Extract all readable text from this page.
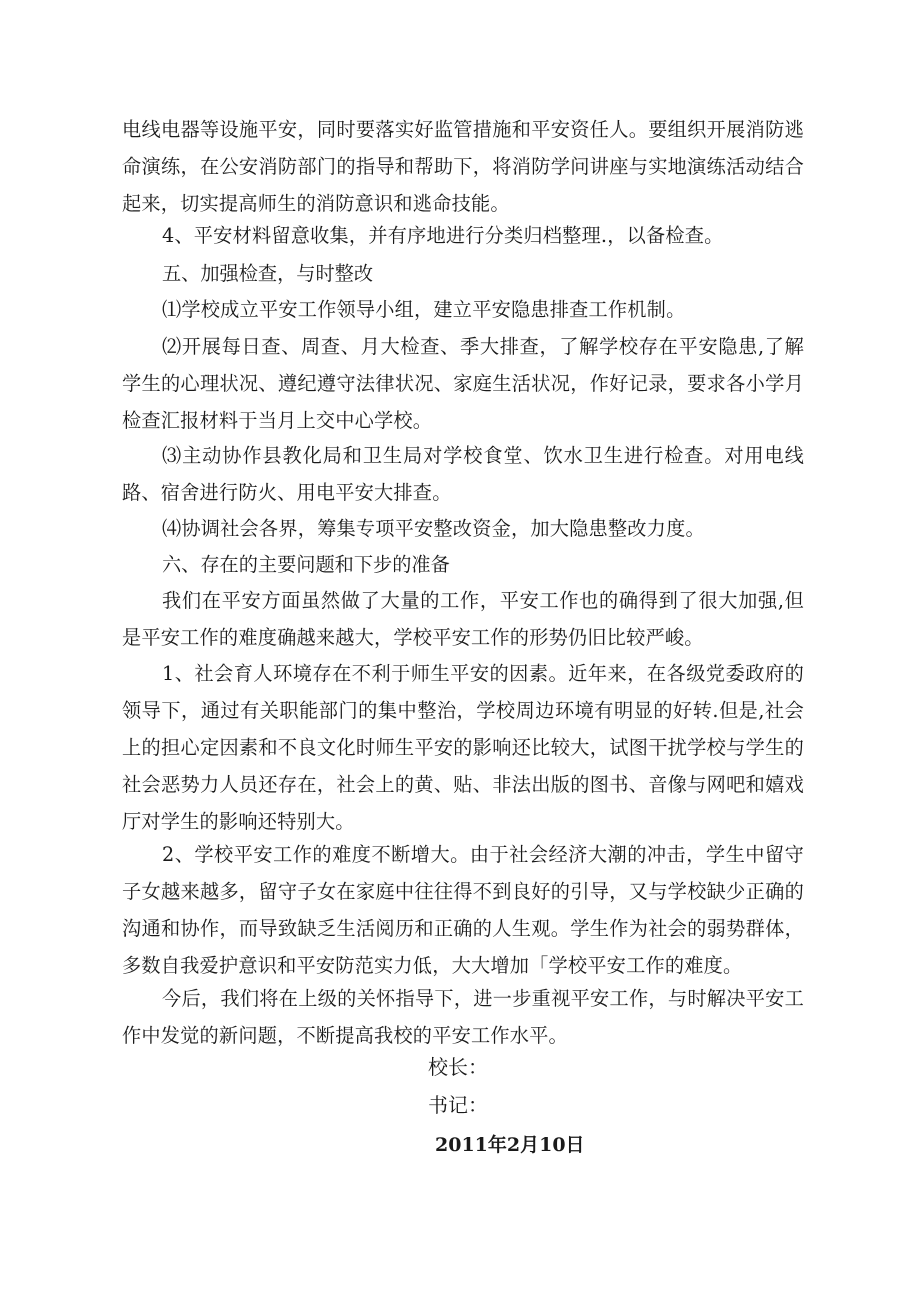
电线电器等设施平安，同时要落实好监管措施和平安资任人。要组织开展消防逃命演练，在公安消防部门的指导和帮助下，将消防学问讲座与实地演练活动结合起来，切实提高师生的消防意识和逃命技能。

4、平安材料留意收集，并有序地进行分类归档整理.，以备检查。

五、加强检查，与时整改

⑴学校成立平安工作领导小组，建立平安隐患排查工作机制。

⑵开展每日查、周查、月大检查、季大排查，了解学校存在平安隐患,了解学生的心理状况、遵纪遵守法律状况、家庭生活状况，作好记录，要求各小学月检查汇报材料于当月上交中心学校。

⑶主动协作县教化局和卫生局对学校食堂、饮水卫生进行检查。对用电线路、宿舍进行防火、用电平安大排查。

⑷协调社会各界，筹集专项平安整改资金，加大隐患整改力度。

六、存在的主要问题和下步的准备

我们在平安方面虽然做了大量的工作，平安工作也的确得到了很大加强,但是平安工作的难度确越来越大，学校平安工作的形势仍旧比较严峻。

1、社会育人环境存在不利于师生平安的因素。近年来，在各级党委政府的领导下，通过有关职能部门的集中整治，学校周边环境有明显的好转.但是,社会上的担心定因素和不良文化时师生平安的影响还比较大，试图干扰学校与学生的社会恶势力人员还存在，社会上的黄、贴、非法出版的图书、音像与网吧和嬉戏厅对学生的影响还特别大。

2、学校平安工作的难度不断增大。由于社会经济大潮的冲击，学生中留守子女越来越多，留守子女在家庭中往往得不到良好的引导，又与学校缺少正确的沟通和协作，而导致缺乏生活阅历和正确的人生观。学生作为社会的弱势群体，多数自我爱护意识和平安防范实力低，大大增加「学校平安工作的难度。

今后，我们将在上级的关怀指导下，进一步重视平安工作，与时解决平安工作中发觉的新问题，不断提高我校的平安工作水平。

校长：

书记：

2011年2月10日
